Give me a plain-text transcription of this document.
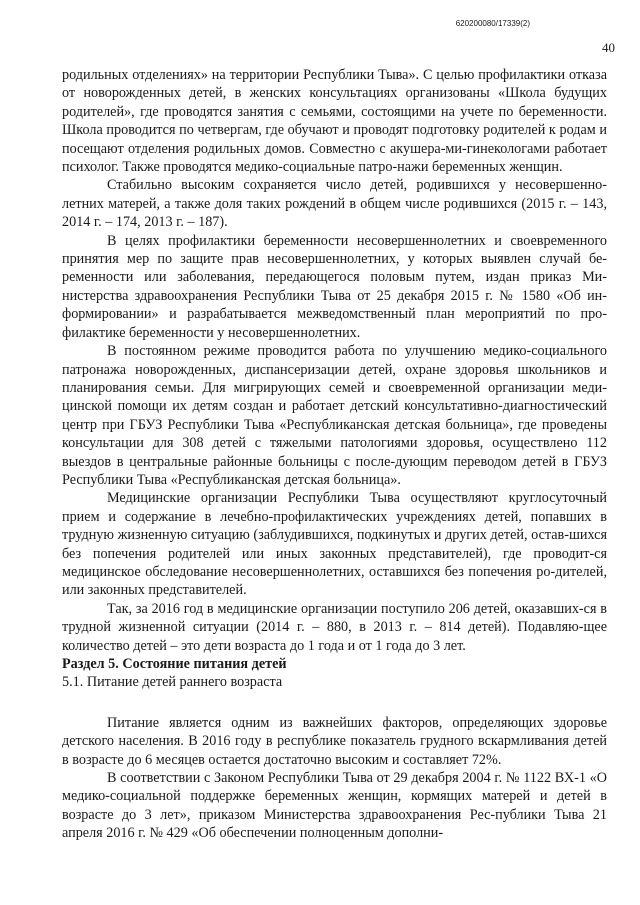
620200080/17339(2)
40

родильных отделениях» на территории Республики Тыва». С целью профилактики отказа от новорожденных детей, в женских консультациях организованы «Школа будущих родителей», где проводятся занятия с семьями, состоящими на учете по беременности. Школа проводится по четвергам, где обучают и проводят подготовку родителей к родам и посещают отделения родильных домов. Совместно с акушера-ми-гинекологами работает психолог. Также проводятся медико-социальные патро-нажи беременных женщин.

Стабильно высоким сохраняется число детей, родившихся у несовершенно-летних матерей, а также доля таких рождений в общем числе родившихся (2015 г. – 143, 2014 г. – 174, 2013 г. – 187).

В целях профилактики беременности несовершеннолетних и своевременного принятия мер по защите прав несовершеннолетних, у которых выявлен случай бе-ременности или заболевания, передающегося половым путем, издан приказ Ми-нистерства здравоохранения Республики Тыва от 25 декабря 2015 г. № 1580 «Об ин-формировании» и разрабатывается межведомственный план мероприятий по про-филактике беременности у несовершеннолетних.

В постоянном режиме проводится работа по улучшению медико-социального патронажа новорожденных, диспансеризации детей, охране здоровья школьников и планирования семьи. Для мигрирующих семей и своевременной организации меди-цинской помощи их детям создан и работает детский консультативно-диагностический центр при ГБУЗ Республики Тыва «Республиканская детская больница», где проведены консультации для 308 детей с тяжелыми патологиями здоровья, осуществлено 112 выездов в центральные районные больницы с после-дующим переводом детей в ГБУЗ Республики Тыва «Республиканская детская больница».

Медицинские организации Республики Тыва осуществляют круглосуточный прием и содержание в лечебно-профилактических учреждениях детей, попавших в трудную жизненную ситуацию (заблудившихся, подкинутых и других детей, остав-шихся без попечения родителей или иных законных представителей), где проводит-ся медицинское обследование несовершеннолетних, оставшихся без попечения ро-дителей, или законных представителей.

Так, за 2016 год в медицинские организации поступило 206 детей, оказавших-ся в трудной жизненной ситуации (2014 г. – 880, в 2013 г. – 814 детей). Подавляю-щее количество детей – это дети возраста до 1 года и от 1 года до 3 лет.

Раздел 5. Состояние питания детей

5.1. Питание детей раннего возраста

Питание является одним из важнейших факторов, определяющих здоровье детского населения. В 2016 году в республике показатель грудного вскармливания детей в возрасте до 6 месяцев остается достаточно высоким и составляет 72%.

В соответствии с Законом Республики Тыва от 29 декабря 2004 г. № 1122 ВХ-1 «О медико-социальной поддержке беременных женщин, кормящих матерей и детей в возрасте до 3 лет», приказом Министерства здравоохранения Рес-публики Тыва 21 апреля 2016 г. № 429 «Об обеспечении полноценным дополни-
